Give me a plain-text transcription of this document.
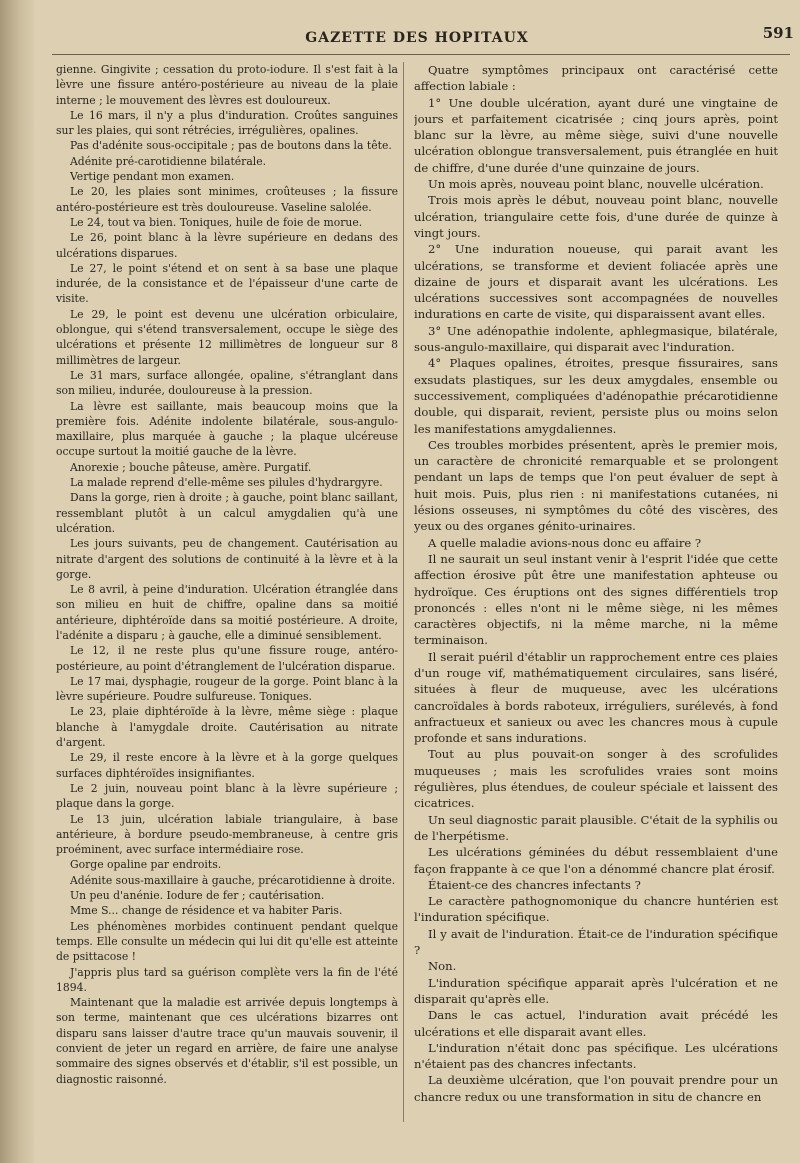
GAZETTE DES HOPITAUX	591

gienne. Gingivite ; cessation du proto-iodure. Il s'est fait à la lèvre une fissure antéro-postérieure au niveau de la plaie interne ; le mouvement des lèvres est douloureux.

Le 16 mars, il n'y a plus d'induration. Croûtes sanguines sur les plaies, qui sont rétrécies, irrégulières, opalines.

Pas d'adénite sous-occipitale ; pas de boutons dans la tête.

Adénite pré-carotidienne bilatérale.

Vertige pendant mon examen.

Le 20, les plaies sont minimes, croûteuses ; la fissure antéro-postérieure est très douloureuse. Vaseline salolée.

Le 24, tout va bien. Toniques, huile de foie de morue.

Le 26, point blanc à la lèvre supérieure en dedans des ulcérations disparues.

Le 27, le point s'étend et on sent à sa base une plaque indurée, de la consistance et de l'épaisseur d'une carte de visite.

Le 29, le point est devenu une ulcération orbiculaire, oblongue, qui s'étend transversalement, occupe le siège des ulcérations et présente 12 millimètres de longueur sur 8 millimètres de largeur.

Le 31 mars, surface allongée, opaline, s'étranglant dans son milieu, indurée, douloureuse à la pression.

La lèvre est saillante, mais beaucoup moins que la première fois. Adénite indolente bilatérale, sous-angulo-maxillaire, plus marquée à gauche ; la plaque ulcéreuse occupe surtout la moitié gauche de la lèvre.

Anorexie ; bouche pâteuse, amère. Purgatif.

La malade reprend d'elle-même ses pilules d'hydrargyre.

Dans la gorge, rien à droite ; à gauche, point blanc saillant, ressemblant plutôt à un calcul amygdalien qu'à une ulcération.

Les jours suivants, peu de changement. Cautérisation au nitrate d'argent des solutions de continuité à la lèvre et à la gorge.

Le 8 avril, à peine d'induration. Ulcération étranglée dans son milieu en huit de chiffre, opaline dans sa moitié antérieure, diphtéroïde dans sa moitié postérieure. A droite, l'adénite a disparu ; à gauche, elle a diminué sensiblement.

Le 12, il ne reste plus qu'une fissure rouge, antéro-postérieure, au point d'étranglement de l'ulcération disparue.

Le 17 mai, dysphagie, rougeur de la gorge. Point blanc à la lèvre supérieure. Poudre sulfureuse. Toniques.

Le 23, plaie diphtéroïde à la lèvre, même siège : plaque blanche à l'amygdale droite. Cautérisation au nitrate d'argent.

Le 29, il reste encore à la lèvre et à la gorge quelques surfaces diphtéroïdes insignifiantes.

Le 2 juin, nouveau point blanc à la lèvre supérieure ; plaque dans la gorge.

Le 13 juin, ulcération labiale triangulaire, à base antérieure, à bordure pseudo-membraneuse, à centre gris proéminent, avec surface intermédiaire rose.

Gorge opaline par endroits.

Adénite sous-maxillaire à gauche, précarotidienne à droite.

Un peu d'anénie. Iodure de fer ; cautérisation.

Mme S... change de résidence et va habiter Paris.

Les phénomènes morbides continuent pendant quelque temps. Elle consulte un médecin qui lui dit qu'elle est atteinte de psittacose !

J'appris plus tard sa guérison complète vers la fin de l'été 1894.

Maintenant que la maladie est arrivée depuis longtemps à son terme, maintenant que ces ulcérations bizarres ont disparu sans laisser d'autre trace qu'un mauvais souvenir, il convient de jeter un regard en arrière, de faire une analyse sommaire des signes observés et d'établir, s'il est possible, un diagnostic raisonné.

Quatre symptômes principaux ont caractérisé cette affection labiale :

1° Une double ulcération, ayant duré une vingtaine de jours et parfaitement cicatrisée ; cinq jours après, point blanc sur la lèvre, au même siège, suivi d'une nouvelle ulcération oblongue transversalement, puis étranglée en huit de chiffre, d'une durée d'une quinzaine de jours.

Un mois après, nouveau point blanc, nouvelle ulcération.

Trois mois après le début, nouveau point blanc, nouvelle ulcération, triangulaire cette fois, d'une durée de quinze à vingt jours.

2° Une induration noueuse, qui parait avant les ulcérations, se transforme et devient foliacée après une dizaine de jours et disparait avant les ulcérations. Les ulcérations successives sont accompagnées de nouvelles indurations en carte de visite, qui disparaissent avant elles.

3° Une adénopathie indolente, aphlegmasique, bilatérale, sous-angulo-maxillaire, qui disparait avec l'induration.

4° Plaques opalines, étroites, presque fissuraires, sans exsudats plastiques, sur les deux amygdales, ensemble ou successivement, compliquées d'adénopathie précarotidienne double, qui disparait, revient, persiste plus ou moins selon les manifestations amygdaliennes.

Ces troubles morbides présentent, après le premier mois, un caractère de chronicité remarquable et se prolongent pendant un laps de temps que l'on peut évaluer de sept à huit mois. Puis, plus rien : ni manifestations cutanées, ni lésions osseuses, ni symptômes du côté des viscères, des yeux ou des organes génito-urinaires.

A quelle maladie avions-nous donc eu affaire ?

Il ne saurait un seul instant venir à l'esprit l'idée que cette affection érosive pût être une manifestation aphteuse ou hydroïque. Ces éruptions ont des signes différentiels trop prononcés : elles n'ont ni le même siège, ni les mêmes caractères objectifs, ni la même marche, ni la même terminaison.

Il serait puéril d'établir un rapprochement entre ces plaies d'un rouge vif, mathématiquement circulaires, sans liséré, situées à fleur de muqueuse, avec les ulcérations cancroïdales à bords raboteux, irréguliers, surélevés, à fond anfractueux et sanieux ou avec les chancres mous à cupule profonde et sans indurations.

Tout au plus pouvait-on songer à des scrofulides muqueuses ; mais les scrofulides vraies sont moins régulières, plus étendues, de couleur spéciale et laissent des cicatrices.

Un seul diagnostic parait plausible. C'était de la syphilis ou de l'herpétisme.

Les ulcérations géminées du début ressemblaient d'une façon frappante à ce que l'on a dénommé chancre plat érosif.

Étaient-ce des chancres infectants ?

Le caractère pathognomonique du chancre huntérien est l'induration spécifique.

Il y avait de l'induration. Était-ce de l'induration spécifique ?

Non.

L'induration spécifique apparait après l'ulcération et ne disparait qu'après elle.

Dans le cas actuel, l'induration avait précédé les ulcérations et elle disparait avant elles.

L'induration n'était donc pas spécifique. Les ulcérations n'étaient pas des chancres infectants.

La deuxième ulcération, que l'on pouvait prendre pour un chancre redux ou une transformation in situ de chancre en
